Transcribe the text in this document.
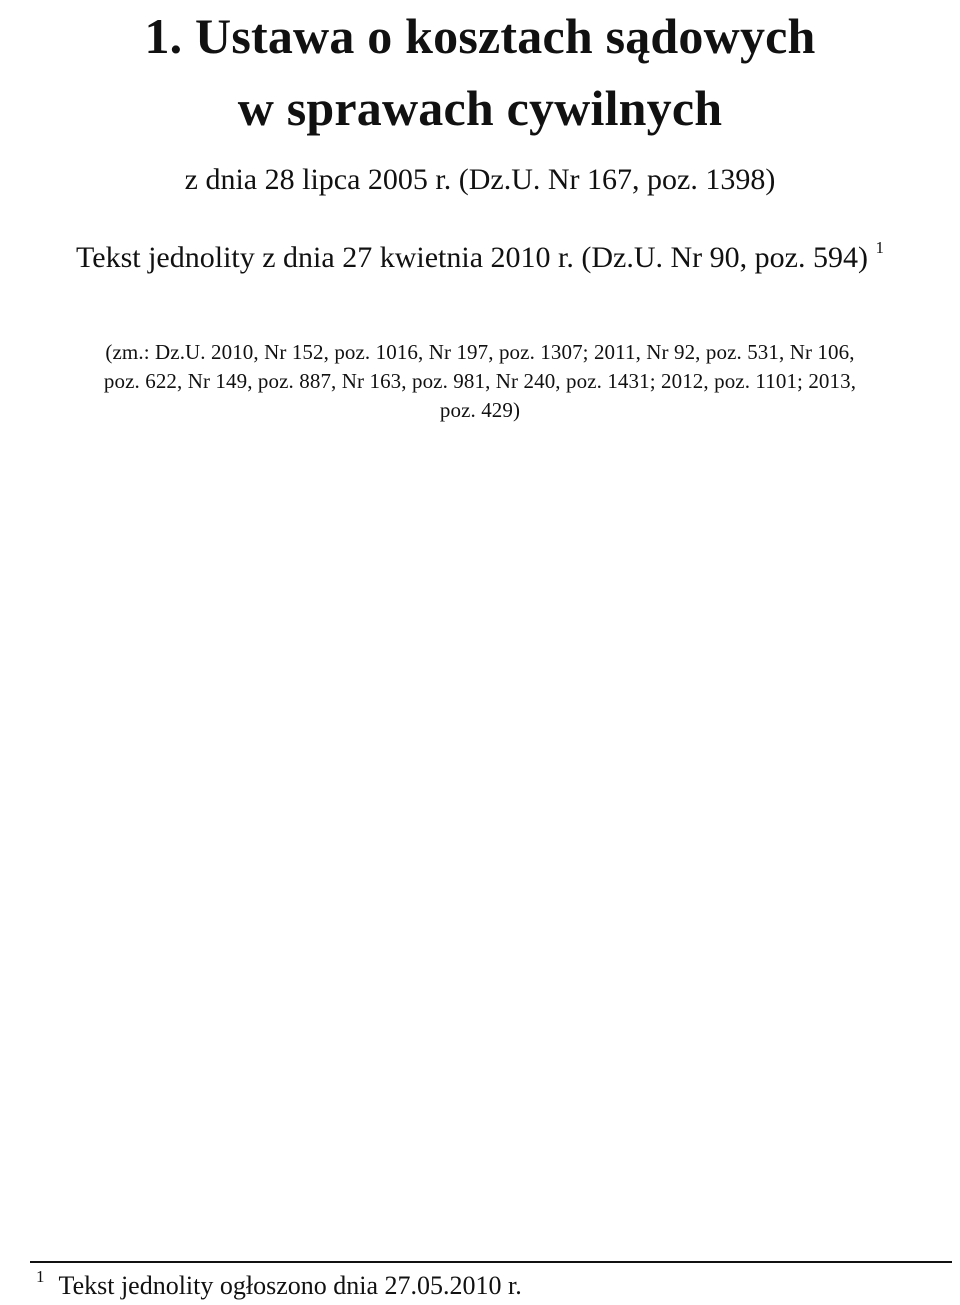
1. Ustawa o kosztach sądowych
w sprawach cywilnych
z dnia 28 lipca 2005 r. (Dz.U. Nr 167, poz. 1398)
Tekst jednolity z dnia 27 kwietnia 2010 r. (Dz.U. Nr 90, poz. 594) $^1$
(zm.: Dz.U. 2010, Nr 152, poz. 1016, Nr 197, poz. 1307; 2011, Nr 92, poz. 531, Nr 106,
poz. 622, Nr 149, poz. 887, Nr 163, poz. 981, Nr 240, poz. 1431; 2012, poz. 1101; 2013,
poz. 429)
$^1$ Tekst jednolity ogłoszono dnia 27.05.2010 r.
